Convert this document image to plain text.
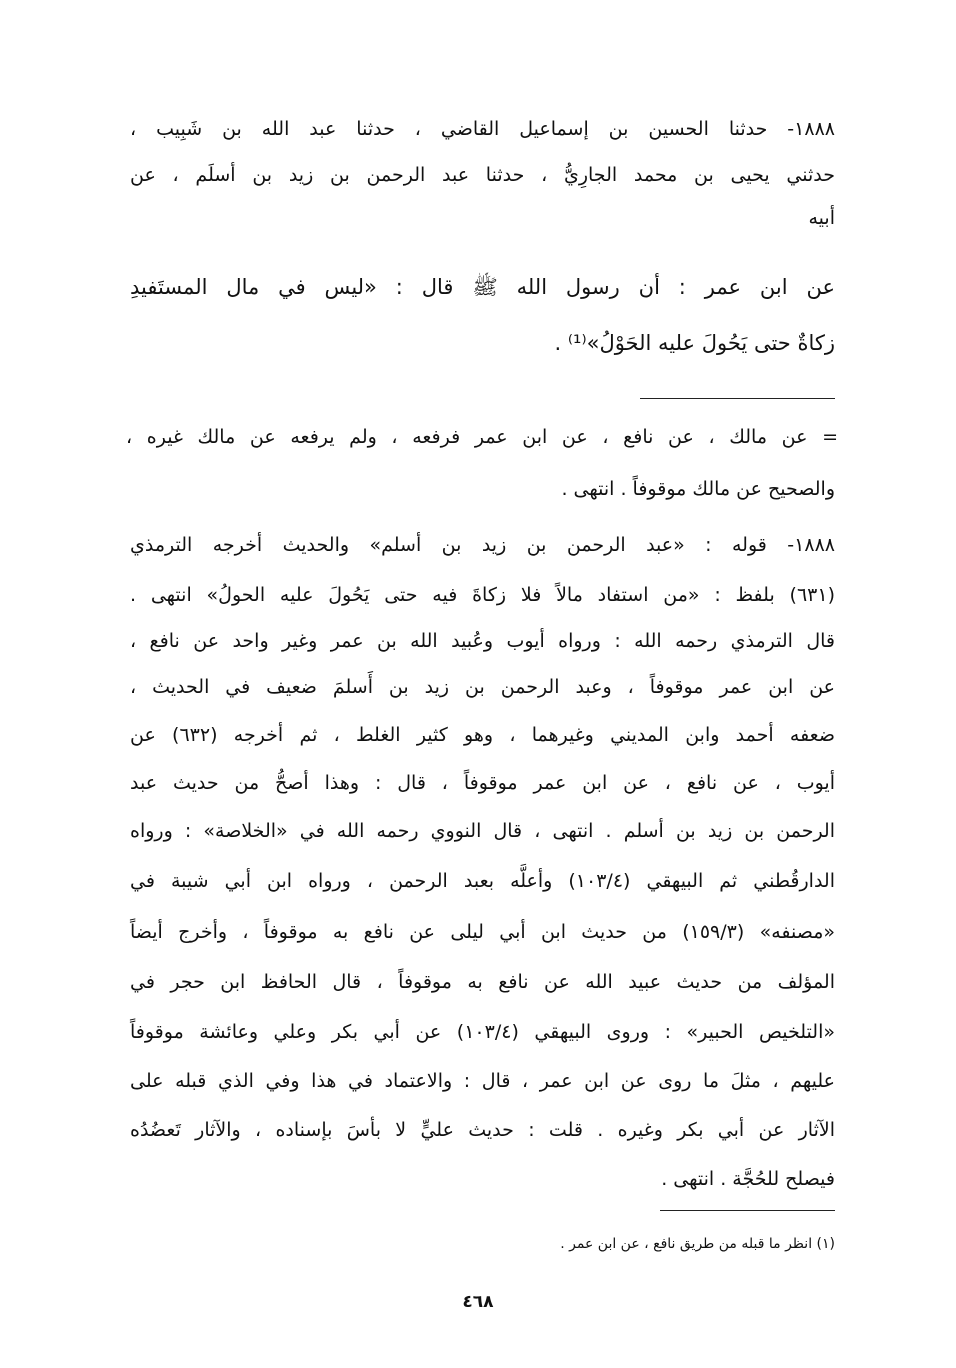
١٨٨٨- حدثنا الحسين بن إسماعيل القاضي ، حدثنا عبد الله بن شَبِيب ،
حدثني يحيى بن محمد الجارِيُّ ، حدثنا عبد الرحمن بن زيد بن أسلَم ، عن
أبيه
عن ابن عمر : أن رسول الله ﷺ قال : «ليس في مال المستَفيدِ
زكاةٌ حتى يَحُولَ عليه الحَوْلُ»⁽¹⁾ .
= عن مالك ، عن نافع ، عن ابن عمر فرفعه ، ولم يرفعه عن مالك غيره ،
والصحيح عن مالك موقوفاً . انتهى .
١٨٨٨- قوله : «عبد الرحمن بن زيد بن أسلم» والحديث أخرجه الترمذي
(٦٣١) بلفظ : «من استفاد مالاً فلا زكاةَ فيه حتى يَحُولَ عليه الحولُ» انتهى .
قال الترمذي رحمه الله : ورواه أيوب وعُبيد الله بن عمر وغير واحد عن نافع ،
عن ابن عمر موقوفاً ، وعبد الرحمن بن زيد بن أَسلمَ ضعيف في الحديث ،
ضعفه أحمد وابن المديني وغيرهما ، وهو كثير الغلط ، ثم أخرجه (٦٣٢) عن
أيوب ، عن نافع ، عن ابن عمر موقوفاً ، قال : وهذا أصحُّ من حديث عبد
الرحمن بن زيد بن أسلم . انتهى ، قال النووي رحمه الله في «الخلاصة» : ورواه
الدارقُطني ثم البيهقي (١٠٣/٤) وأعلَّه بعبد الرحمن ، ورواه ابن أبي شيبة في
«مصنفه» (١٥٩/٣) من حديث ابن أبي ليلى عن نافع به موقوفاً ، وأخرج أيضاً
المؤلف من حديث عبيد الله عن نافع به موقوفاً ، قال الحافظ ابن حجر في
«التلخيص الحبير» : وروى البيهقي (١٠٣/٤) عن أبي بكر وعلي وعائشة موقوفاً
عليهم ، مثلَ ما روى عن ابن عمر ، قال : والاعتماد في هذا وفي الذي قبله على
الآثار عن أبي بكر وغيره . قلت : حديث عليٍّ لا بأسَ بإسناده ، والآثار تَعضُدُه
فيصلح للحُجَّة . انتهى .
(١) انظر ما قبله من طريق نافع ، عن ابن عمر .
٤٦٨
